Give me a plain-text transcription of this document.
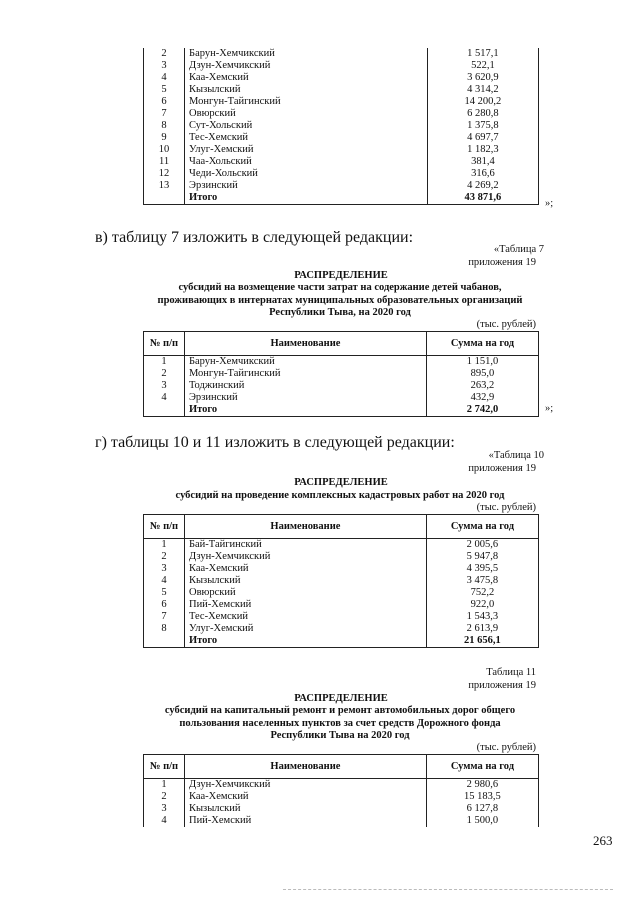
2	Барун-Хемчикский	1 517,1
3	Дзун-Хемчикский	522,1
4	Каа-Хемский	3 620,9
5	Кызылский	4 314,2
6	Монгун-Тайгинский	14 200,2
7	Овюрский	6 280,8
8	Сут-Хольский	1 375,8
9	Тес-Хемский	4 697,7
10	Улуг-Хемский	1 182,3
11	Чаа-Хольский	381,4
12	Чеди-Хольский	316,6
13	Эрзинский	4 269,2
	Итого	43 871,6
»;
в) таблицу 7 изложить в следующей редакции:
«Таблица 7
приложения 19
РАСПРЕДЕЛЕНИЕ
субсидий на возмещение части затрат на содержание детей чабанов,
проживающих в интернатах муниципальных образовательных организаций
Республики Тыва, на 2020 год
(тыс. рублей)
№ п/п	Наименование	Сумма на год
1	Барун-Хемчикский	1 151,0
2	Монгун-Тайгинский	895,0
3	Тоджинский	263,2
4	Эрзинский	432,9
	Итого	2 742,0	»;
г) таблицы 10 и 11 изложить в следующей редакции:
«Таблица 10
приложения 19
РАСПРЕДЕЛЕНИЕ
субсидий на проведение комплексных кадастровых работ на 2020 год
(тыс. рублей)
№ п/п	Наименование	Сумма на год
1	Бай-Тайгинский	2 005,6
2	Дзун-Хемчикский	5 947,8
3	Каа-Хемский	4 395,5
4	Кызылский	3 475,8
5	Овюрский	752,2
6	Пий-Хемский	922,0
7	Тес-Хемский	1 543,3
8	Улуг-Хемский	2 613,9
	Итого	21 656,1
Таблица 11
приложения 19
РАСПРЕДЕЛЕНИЕ
субсидий на капитальный ремонт и ремонт автомобильных дорог общего
пользования населенных пунктов за счет средств Дорожного фонда
Республики Тыва на 2020 год
(тыс. рублей)
№ п/п	Наименование	Сумма на год
1	Дзун-Хемчикский	2 980,6
2	Каа-Хемский	15 183,5
3	Кызылский	6 127,8
4	Пий-Хемский	1 500,0
263
